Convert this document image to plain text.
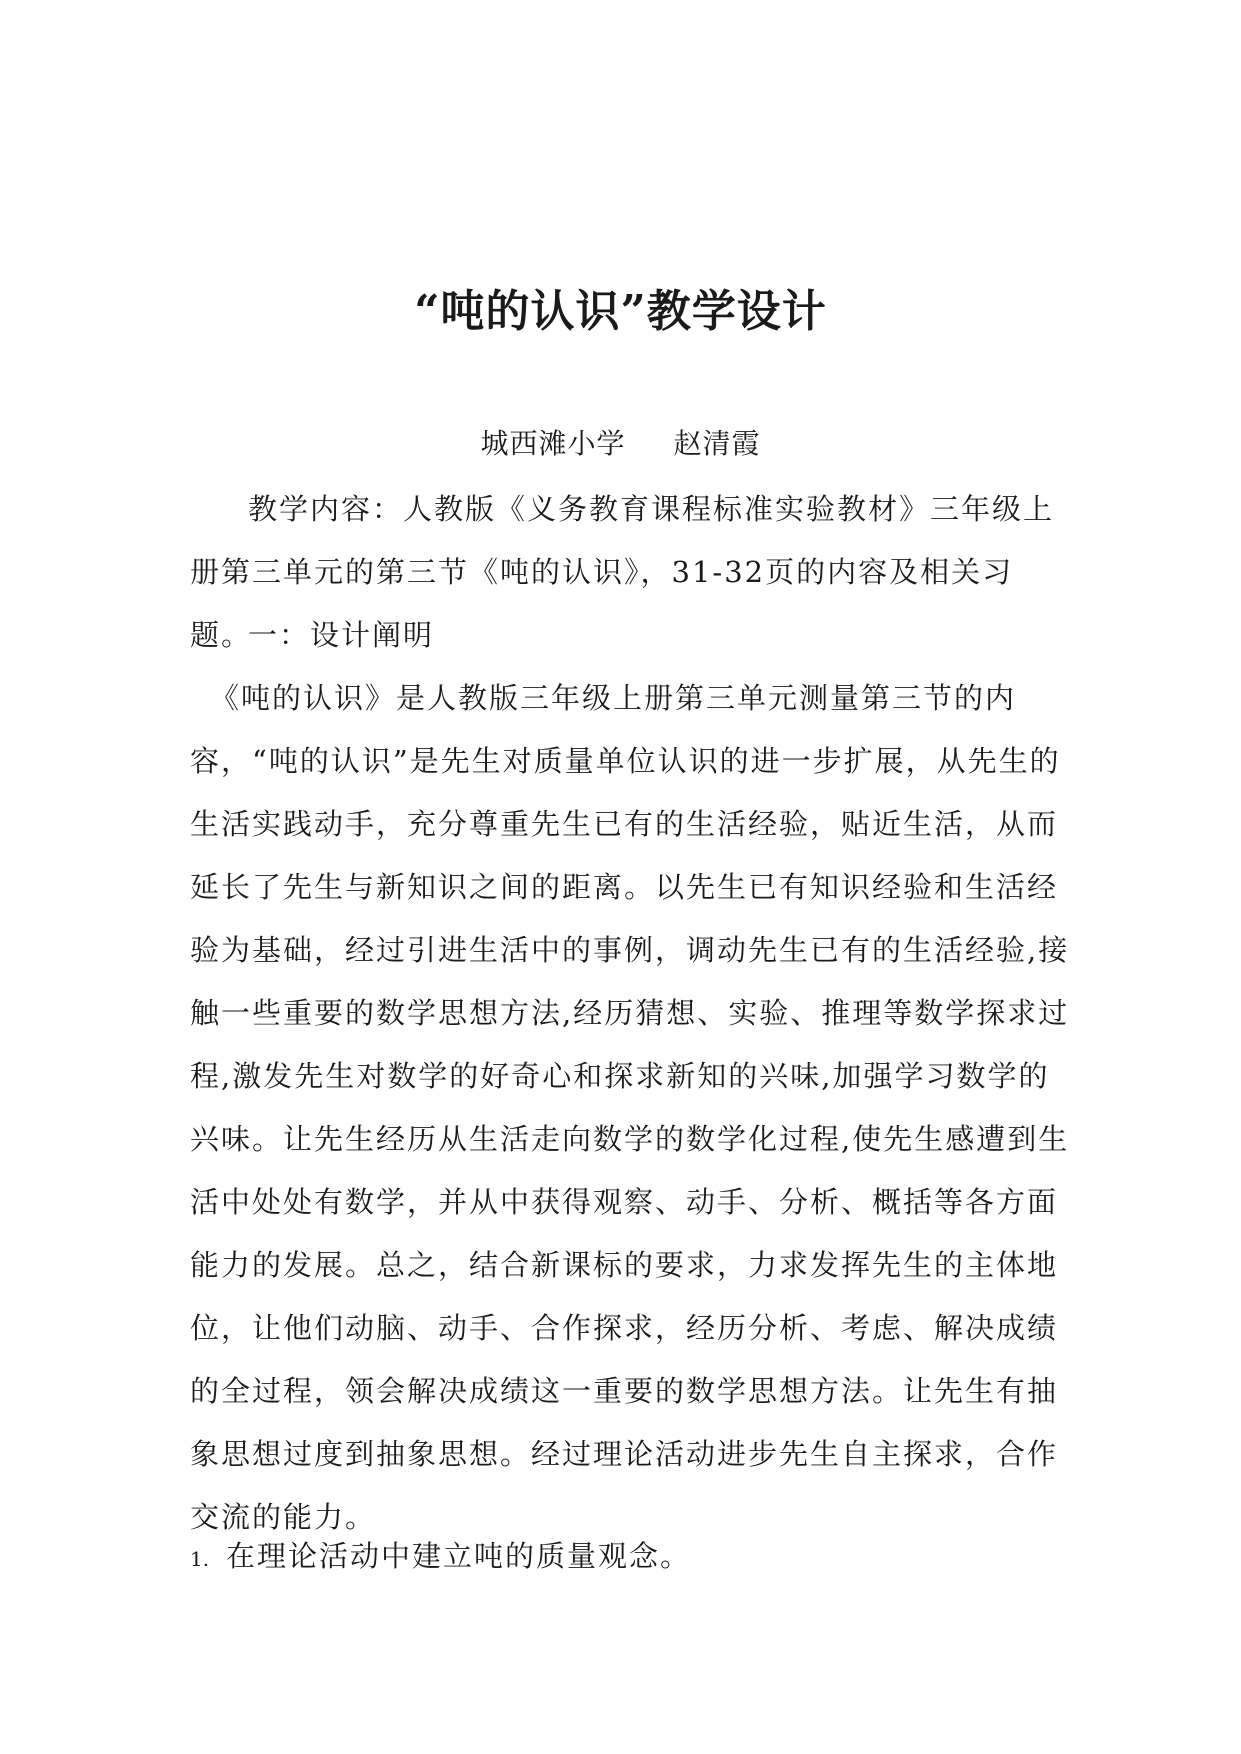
“吨的认识”教学设计

城西滩小学 赵清霞

教学内容：人教版《义务教育课程标准实验教材》三年级上册第三单元的第三节《吨的认识》，31-32页的内容及相关习题。

一：设计阐明

《吨的认识》是人教版三年级上册第三单元测量第三节的内容，“吨的认识”是先生对质量单位认识的进一步扩展，从先生的生活实践动手，充分尊重先生已有的生活经验，贴近生活，从而延长了先生与新知识之间的距离。以先生已有知识经验和生活经验为基础，经过引进生活中的事例，调动先生已有的生活经验,接触一些重要的数学思想方法,经历猜想、实验、推理等数学探求过程,激发先生对数学的好奇心和探求新知的兴味,加强学习数学的兴味。让先生经历从生活走向数学的数学化过程,使先生感遭到生活中处处有数学，并从中获得观察、动手、分析、概括等各方面能力的发展。总之，结合新课标的要求，力求发挥先生的主体地位，让他们动脑、动手、合作探求，经历分析、考虑、解决成绩的全过程，领会解决成绩这一重要的数学思想方法。让先生有抽象思想过度到抽象思想。经过理论活动进步先生自主探求，合作交流的能力。

1. 在理论活动中建立吨的质量观念。
